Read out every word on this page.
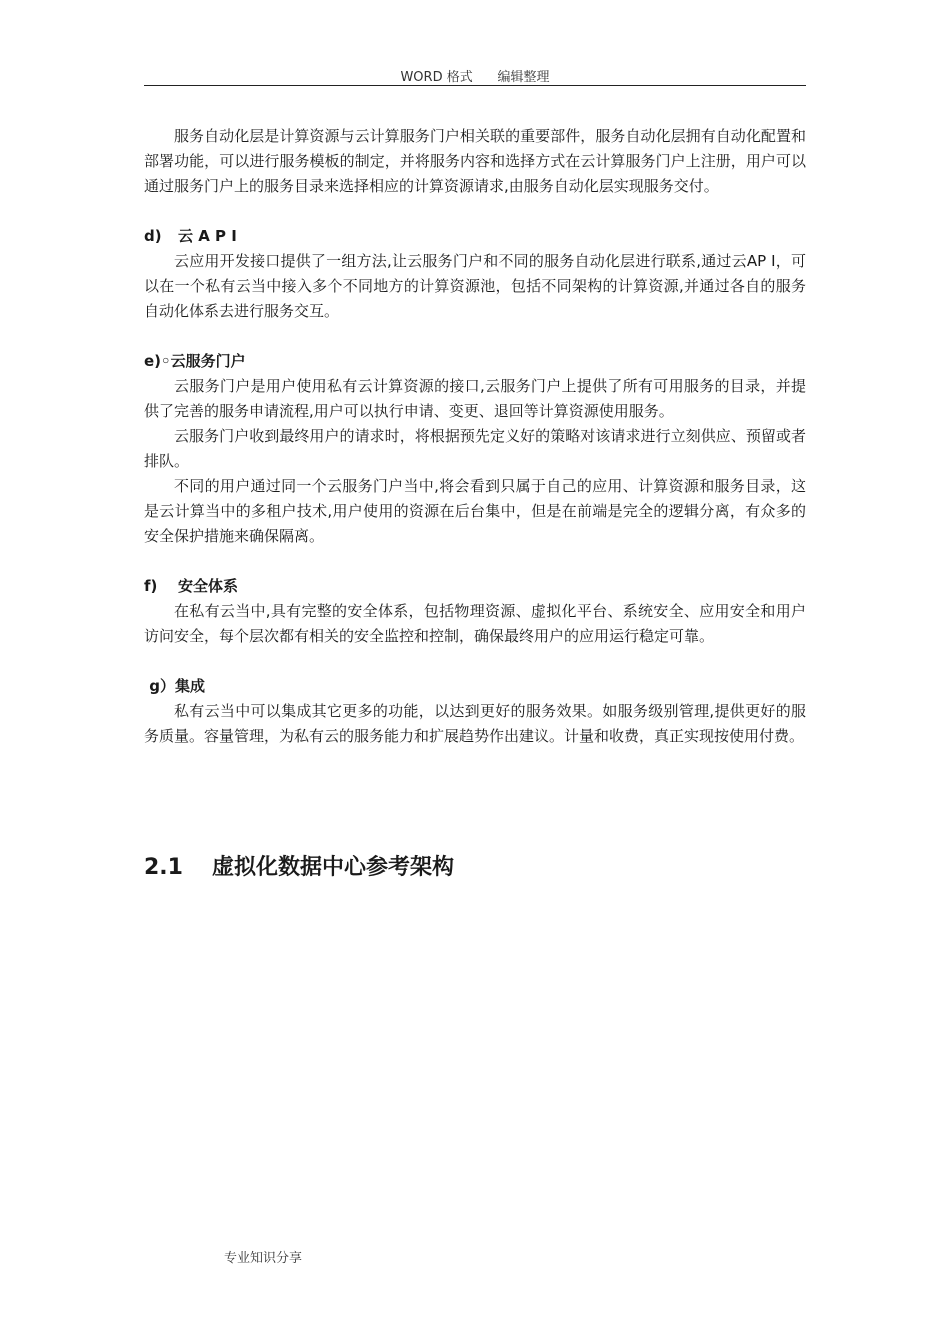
WORD 格式 编辑整理

服务自动化层是计算资源与云计算服务门户相关联的重要部件，服务自动化层拥有自动化配置和部署功能，可以进行服务模板的制定，并将服务内容和选择方式在云计算服务门户上注册，用户可以通过服务门户上的服务目录来选择相应的计算资源请求,由服务自动化层实现服务交付。

d) 云 A P I

云应用开发接口提供了一组方法,让云服务门户和不同的服务自动化层进行联系,通过云AP I，可以在一个私有云当中接入多个不同地方的计算资源池，包括不同架构的计算资源,并通过各自的服务自动化体系去进行服务交互。

e)◦云服务门户

云服务门户是用户使用私有云计算资源的接口,云服务门户上提供了所有可用服务的目录，并提供了完善的服务申请流程,用户可以执行申请、变更、退回等计算资源使用服务。

云服务门户收到最终用户的请求时，将根据预先定义好的策略对该请求进行立刻供应、预留或者排队。

不同的用户通过同一个云服务门户当中,将会看到只属于自己的应用、计算资源和服务目录，这是云计算当中的多租户技术,用户使用的资源在后台集中，但是在前端是完全的逻辑分离，有众多的安全保护措施来确保隔离。

f) 安全体系

在私有云当中,具有完整的安全体系，包括物理资源、虚拟化平台、系统安全、应用安全和用户访问安全，每个层次都有相关的安全监控和控制，确保最终用户的应用运行稳定可靠。

g）集成

私有云当中可以集成其它更多的功能，以达到更好的服务效果。如服务级别管理,提供更好的服务质量。容量管理，为私有云的服务能力和扩展趋势作出建议。计量和收费，真正实现按使用付费。

2.1 虚拟化数据中心参考架构
专业知识分享
